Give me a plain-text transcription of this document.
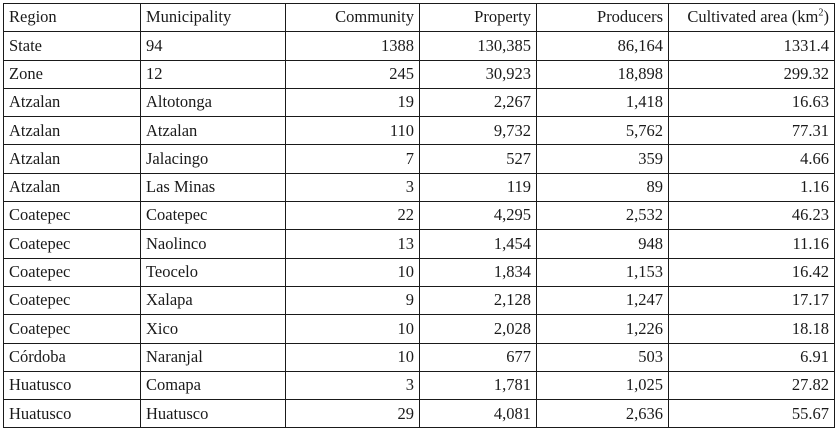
Region	Municipality	Community	Property	Producers	Cultivated area $(km^2)$
State	94	1388	130,385	86,164	1331.4
Zone	12	245	30,923	18,898	299.32
Atzalan	Altotonga	19	2,267	1,418	16.63
Atzalan	Atzalan	110	9,732	5,762	77.31
Atzalan	Jalacingo	7	527	359	4.66
Atzalan	Las Minas	3	119	89	1.16
Coatepec	Coatepec	22	4,295	2,532	46.23
Coatepec	Naolinco	13	1,454	948	11.16
Coatepec	Teocelo	10	1,834	1,153	16.42
Coatepec	Xalapa	9	2,128	1,247	17.17
Coatepec	Xico	10	2,028	1,226	18.18
Córdoba	Naranjal	10	677	503	6.91
Huatusco	Comapa	3	1,781	1,025	27.82
Huatusco	Huatusco	29	4,081	2,636	55.67
